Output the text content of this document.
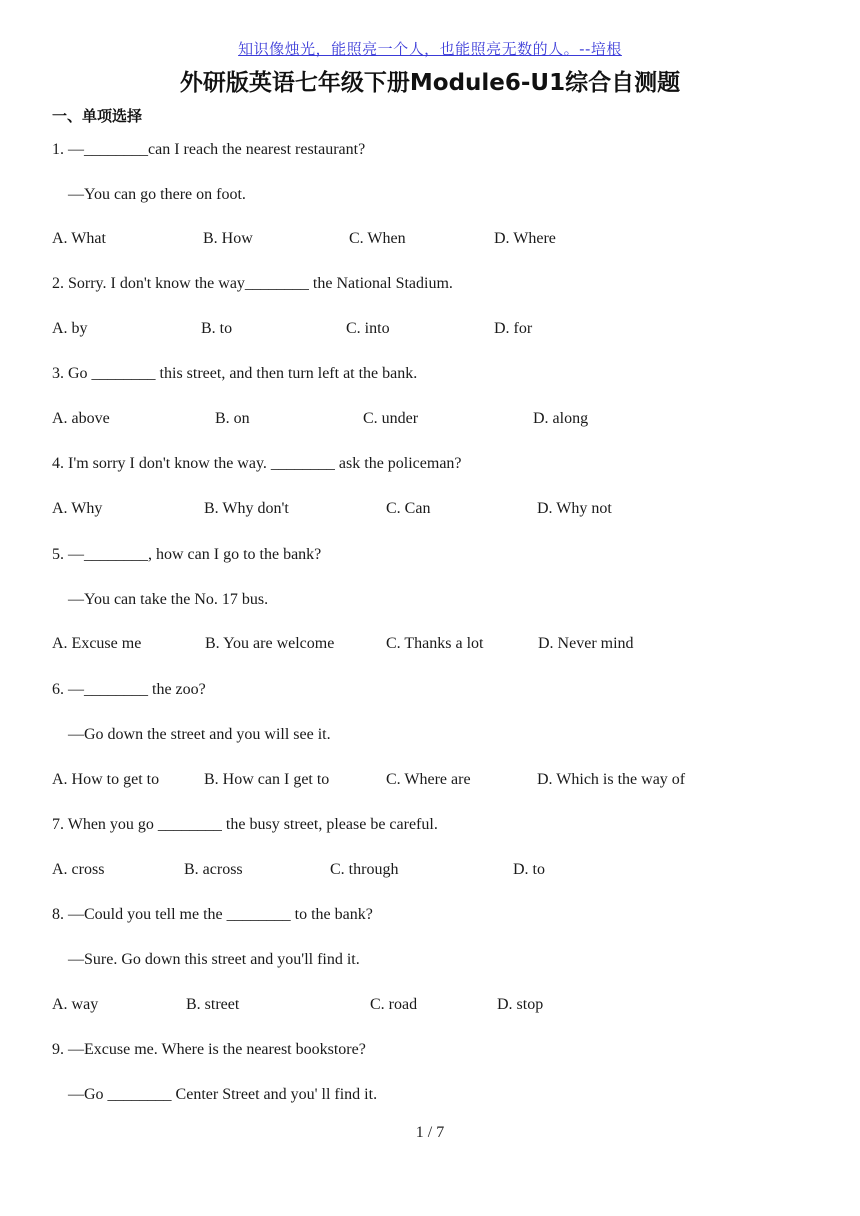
知识像烛光，能照亮一个人，也能照亮无数的人。--培根
外研版英语七年级下册Module6-U1综合自测题
一、单项选择
1. —________can I reach the nearest restaurant?
—You can go there on foot.
A. What	B. How	C. When	D. Where
2. Sorry. I don't know the way________ the National Stadium.
A. by	B. to	C. into	D. for
3. Go ________ this street, and then turn left at the bank.
A. above	B. on	C. under	D. along
4. I'm sorry I don't know the way. ________ ask the policeman?
A. Why	B. Why don't	C. Can	D. Why not
5. —________, how can I go to the bank?
—You can take the No. 17 bus.
A. Excuse me	B. You are welcome	C. Thanks a lot	D. Never mind
6. —________ the zoo?
—Go down the street and you will see it.
A. How to get to	B. How can I get to	C. Where are	D. Which is the way of
7. When you go ________ the busy street, please be careful.
A. cross	B. across	C. through	D. to
8. —Could you tell me the ________ to the bank?
—Sure. Go down this street and you'll find it.
A. way	B. street	C. road	D. stop
9. —Excuse me. Where is the nearest bookstore?
—Go ________ Center Street and you' ll find it.
1 / 7
